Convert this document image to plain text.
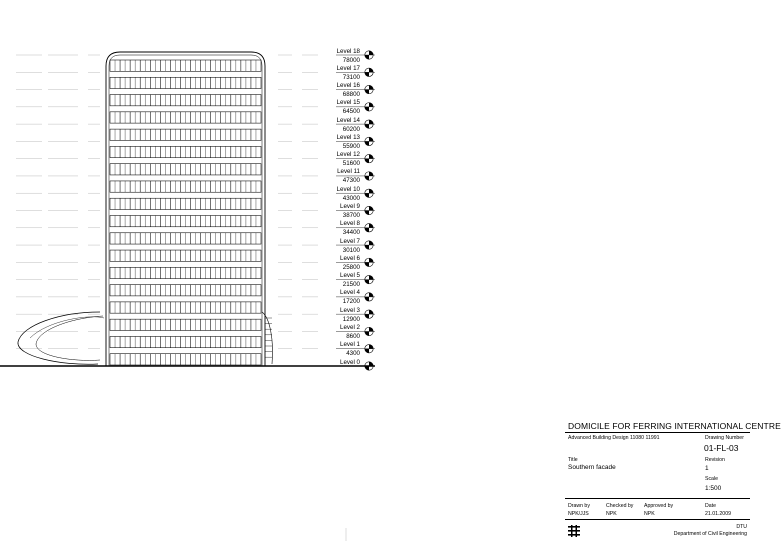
Level 18
78000
Level 17
73100
Level 16
68800
Level 15
64500
Level 14
60200
Level 13
55900
Level 12
51600
Level 11
47300
Level 10
43000
Level 9
38700
Level 8
34400
Level 7
30100
Level 6
25800
Level 5
21500
Level 4
17200
Level 3
12900
Level 2
8600
Level 1
4300
Level 0
DOMICILE FOR FERRING INTERNATIONAL CENTRE
Advanced Building Design 11080 11991	Drawing Number
01-FL-03
Title
Southern facade
Revision
1
Scale
1:500
Drawn by
NPK/JJS
Checked by
NPK
Approved by
NPK
Date
21.01.2009
DTU
Department of Civil Engineering
